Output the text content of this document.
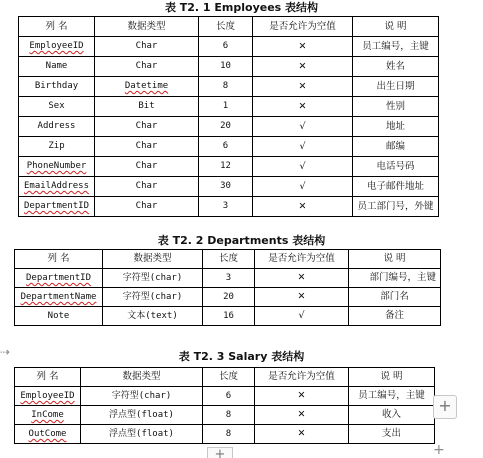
表 T2. 1 Employees 表结构
列 名	数据类型	长度	是否允许为空值	说 明
EmployeeID	Char	6	✕	员工编号，主键
Name	Char	10	✕	姓名
Birthday	Datetime	8	✕	出生日期
Sex	Bit	1	✕	性别
Address	Char	20	√	地址
Zip	Char	6	√	邮编
PhoneNumber	Char	12	√	电话号码
EmailAddress	Char	30	√	电子邮件地址
DepartmentID	Char	3	✕	员工部门号，外键
表 T2. 2 Departments 表结构
列 名	数据类型	长度	是否允许为空值	说 明
DepartmentID	字符型(char)	3	✕	部门编号，主键
DepartmentName	字符型(char)	20	✕	部门名
Note	文本(text)	16	√	备注
⇢	表 T2. 3 Salary 表结构
列 名	数据类型	长度	是否允许为空值	说 明
EmployeeID	字符型(char)	6	✕	员工编号，主键
InCome	浮点型(float)	8	✕	收入
OutCome	浮点型(float)	8	✕	支出
+
+	+
